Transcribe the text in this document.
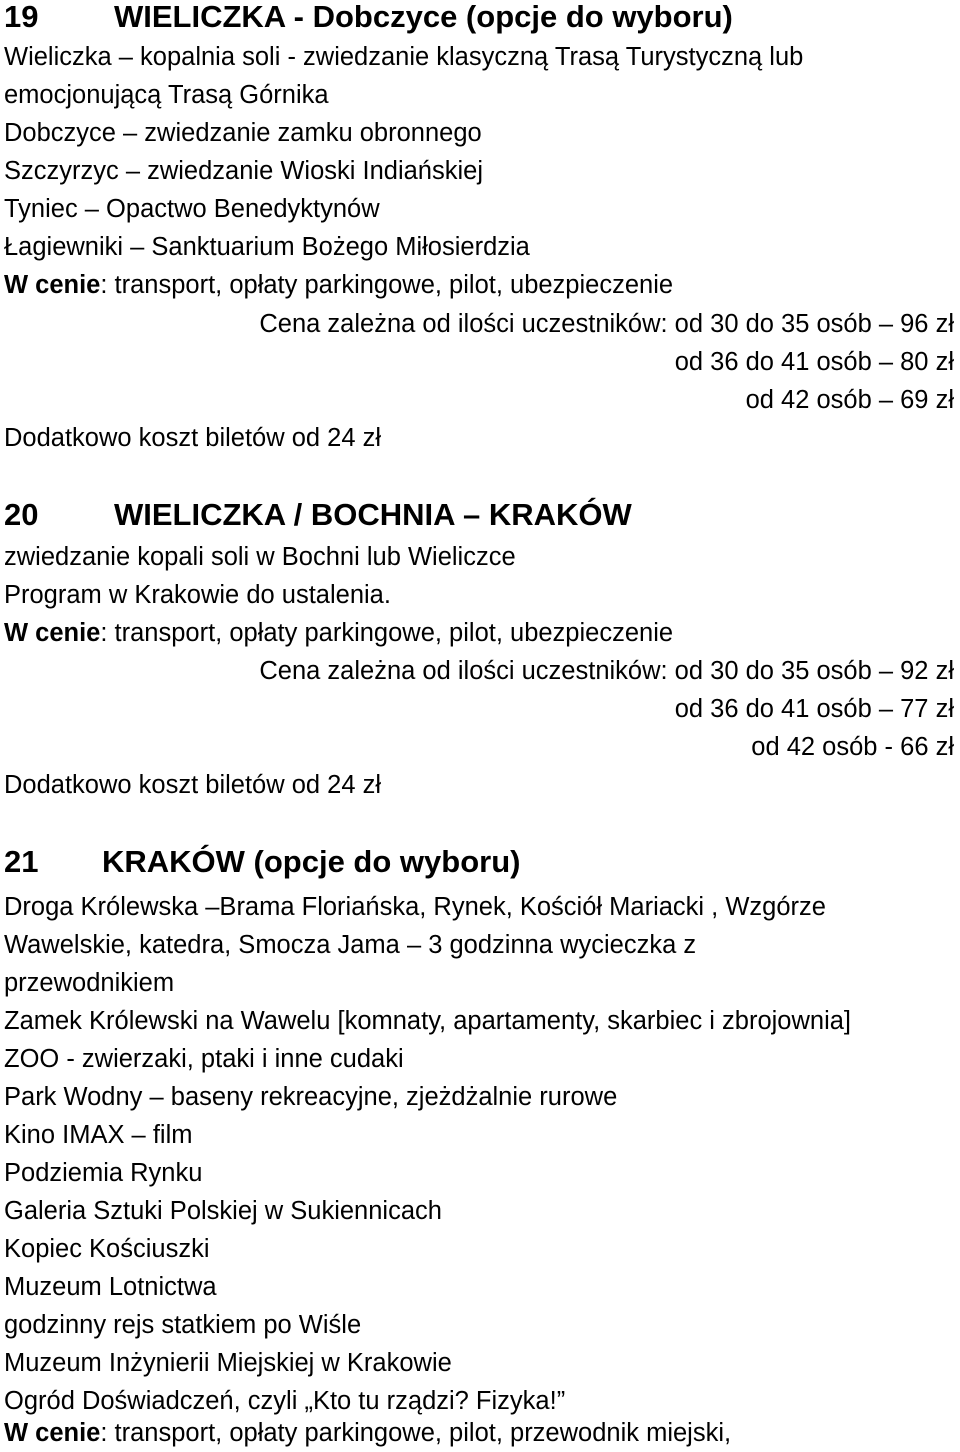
19 WIELICZKA - Dobczyce (opcje do wyboru)
Wieliczka – kopalnia soli - zwiedzanie klasyczną Trasą Turystyczną lub
emocjonującą Trasą Górnika
Dobczyce – zwiedzanie zamku obronnego
Szczyrzyc – zwiedzanie Wioski Indiańskiej
Tyniec – Opactwo Benedyktynów
Łagiewniki – Sanktuarium Bożego Miłosierdzia
W cenie: transport, opłaty parkingowe, pilot, ubezpieczenie
Cena zależna od ilości uczestników: od 30 do 35 osób – 96 zł
od 36 do 41 osób – 80 zł
od 42 osób – 69 zł
Dodatkowo koszt biletów od 24 zł
20 WIELICZKA / BOCHNIA – KRAKÓW
zwiedzanie kopali soli w Bochni lub Wieliczce
Program w Krakowie do ustalenia.
W cenie: transport, opłaty parkingowe, pilot, ubezpieczenie
Cena zależna od ilości uczestników: od 30 do 35 osób – 92 zł
od 36 do 41 osób – 77 zł
od 42 osób - 66 zł
Dodatkowo koszt biletów od 24 zł
21 KRAKÓW (opcje do wyboru)
Droga Królewska –Brama Floriańska, Rynek, Kościół Mariacki , Wzgórze
Wawelskie, katedra, Smocza Jama – 3 godzinna wycieczka z
przewodnikiem
Zamek Królewski na Wawelu [komnaty, apartamenty, skarbiec i zbrojownia]
ZOO - zwierzaki, ptaki i inne cudaki
Park Wodny – baseny rekreacyjne, zjeżdżalnie rurowe
Kino IMAX – film
Podziemia Rynku
Galeria Sztuki Polskiej w Sukiennicach
Kopiec Kościuszki
Muzeum Lotnictwa
godzinny rejs statkiem po Wiśle
Muzeum Inżynierii Miejskiej w Krakowie
Ogród Doświadczeń, czyli „Kto tu rządzi? Fizyka!”
W cenie: transport, opłaty parkingowe, pilot, przewodnik miejski,
